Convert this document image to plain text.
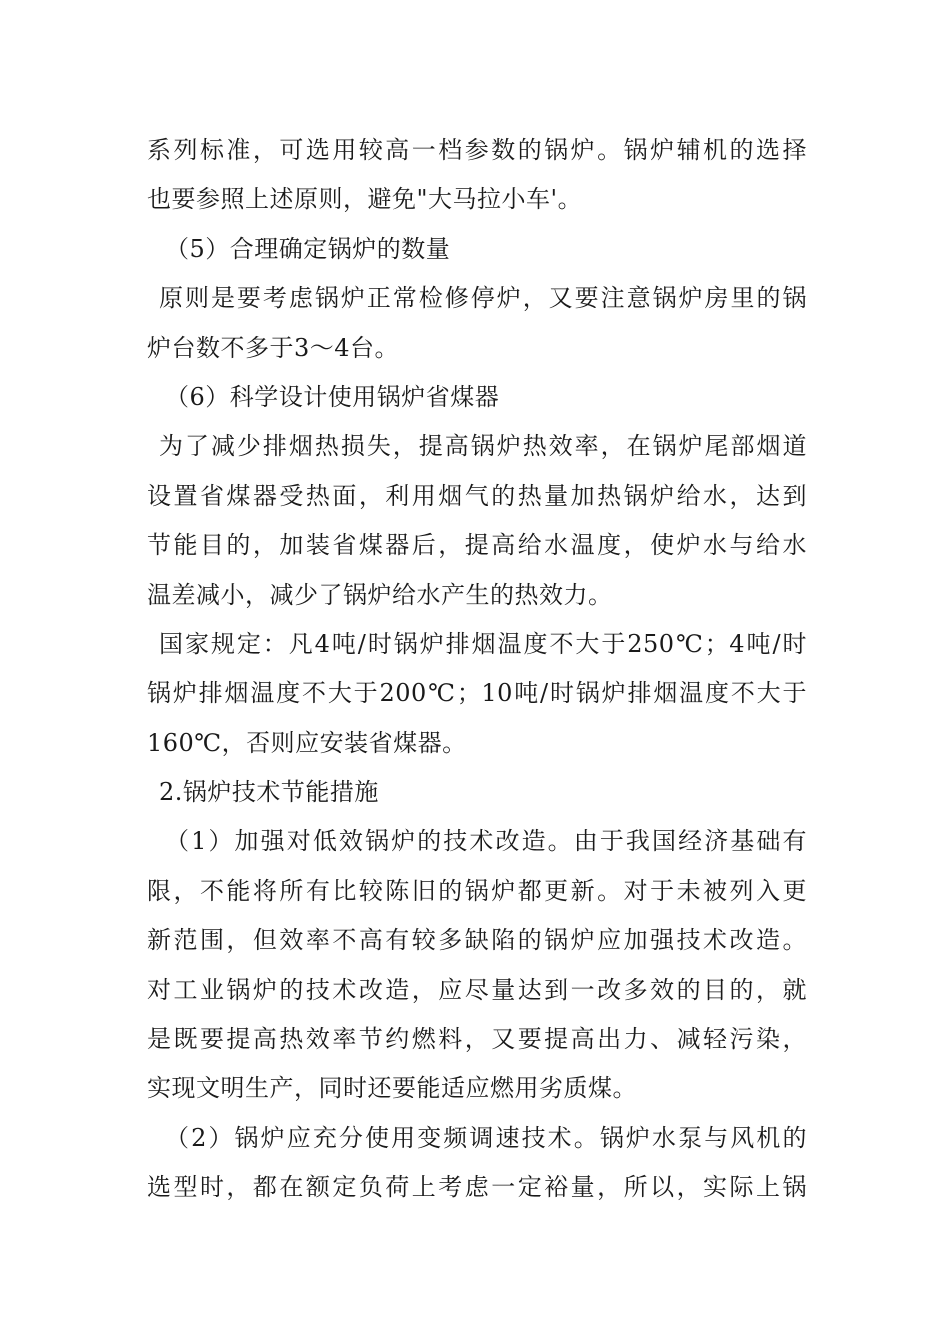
系列标准，可选用较高一档参数的锅炉。锅炉辅机的选择
也要参照上述原则，避免"大马拉小车'。
（5）合理确定锅炉的数量
原则是要考虑锅炉正常检修停炉，又要注意锅炉房里的锅
炉台数不多于3～4台。
（6）科学设计使用锅炉省煤器
为了减少排烟热损失，提高锅炉热效率，在锅炉尾部烟道
设置省煤器受热面，利用烟气的热量加热锅炉给水，达到
节能目的，加装省煤器后，提高给水温度，使炉水与给水
温差减小，减少了锅炉给水产生的热效力。
国家规定：凡4吨/时锅炉排烟温度不大于250℃；4吨/时
锅炉排烟温度不大于200℃；10吨/时锅炉排烟温度不大于
160℃，否则应安装省煤器。
2.锅炉技术节能措施
（1）加强对低效锅炉的技术改造。由于我国经济基础有
限，不能将所有比较陈旧的锅炉都更新。对于未被列入更
新范围，但效率不高有较多缺陷的锅炉应加强技术改造。
对工业锅炉的技术改造，应尽量达到一改多效的目的，就
是既要提高热效率节约燃料，又要提高出力、减轻污染，
实现文明生产，同时还要能适应燃用劣质煤。
（2）锅炉应充分使用变频调速技术。锅炉水泵与风机的
选型时，都在额定负荷上考虑一定裕量，所以，实际上锅
